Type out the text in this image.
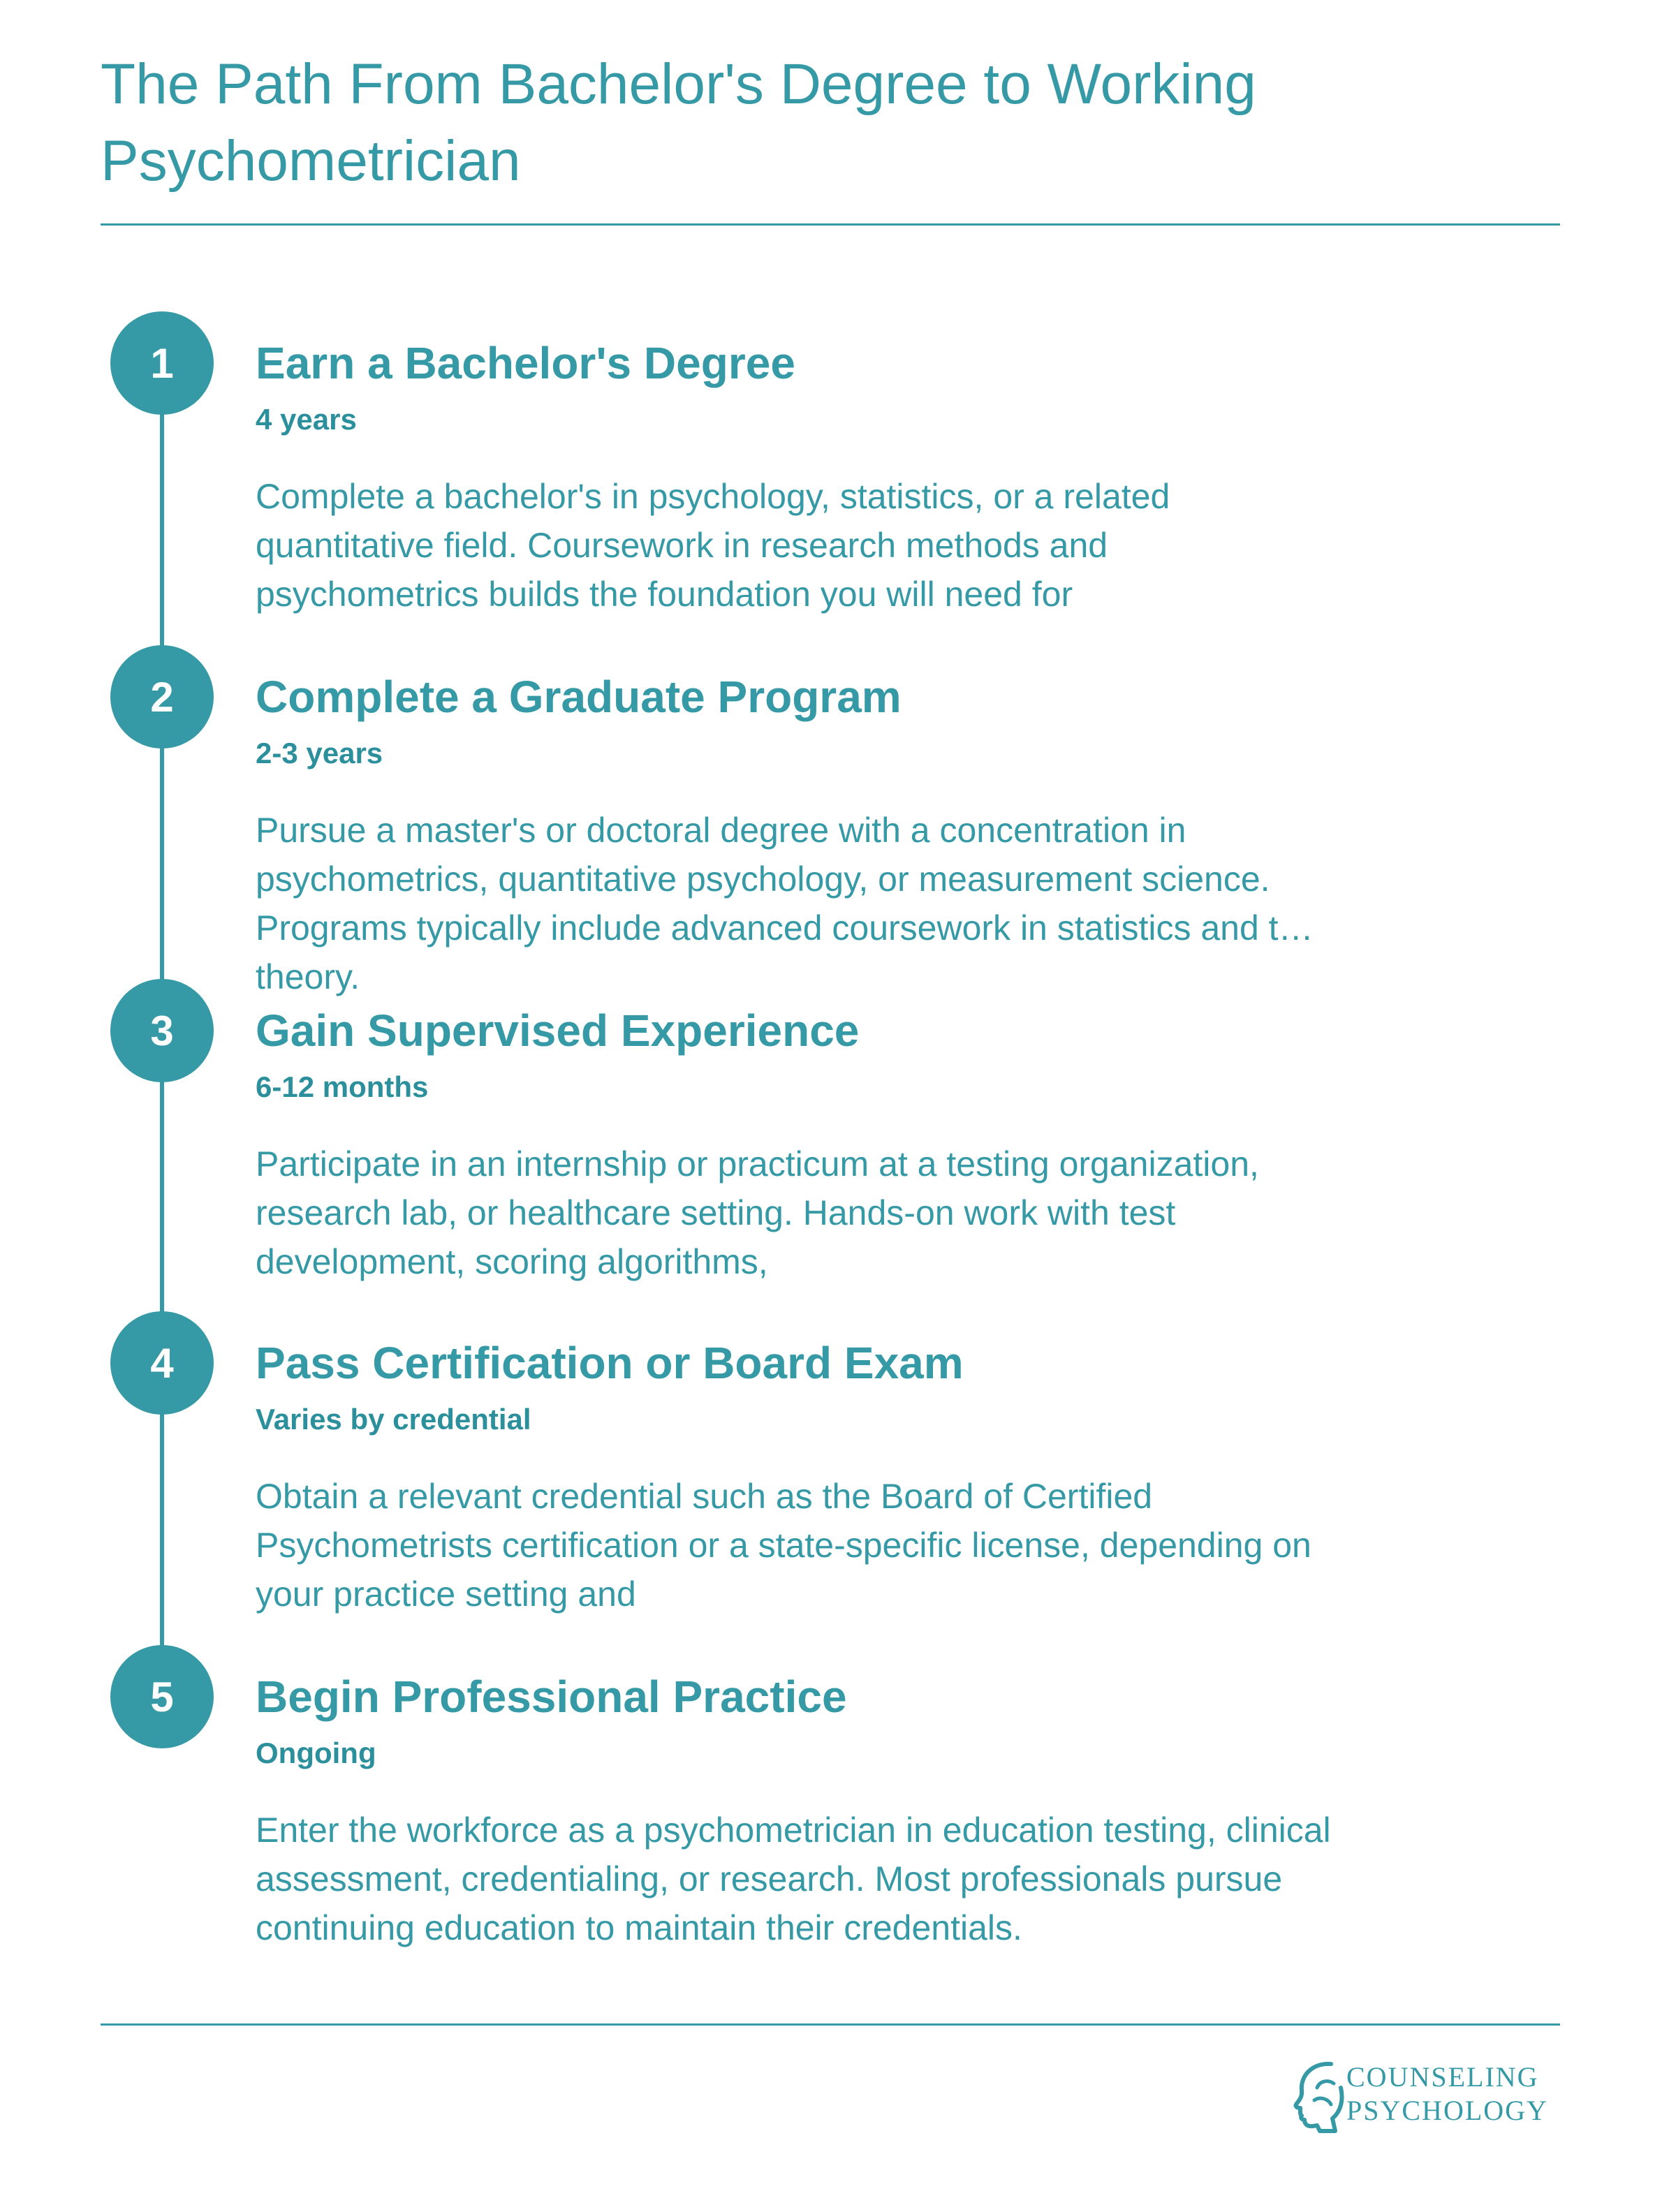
The Path From Bachelor's Degree to Working Psychometrician
1	Earn a Bachelor's Degree

4 years

Complete a bachelor's in psychology, statistics, or a related quantitative field. Coursework in research methods and psychometrics builds the foundation you will need for

2	Complete a Graduate Program

2-3 years

Pursue a master's or doctoral degree with a concentration in psychometrics, quantitative psychology, or measurement science. Programs typically include advanced coursework in statistics and test theory.

3	Gain Supervised Experience

6-12 months

Participate in an internship or practicum at a testing organization, research lab, or healthcare setting. Hands-on work with test development, scoring algorithms,

4	Pass Certification or Board Exam

Varies by credential

Obtain a relevant credential such as the Board of Certified Psychometrists certification or a state-specific license, depending on your practice setting and

5	Begin Professional Practice

Ongoing

Enter the workforce as a psychometrician in education testing, clinical assessment, credentialing, or research. Most professionals pursue continuing education to maintain their credentials.

COUNSELING
PSYCHOLOGY
